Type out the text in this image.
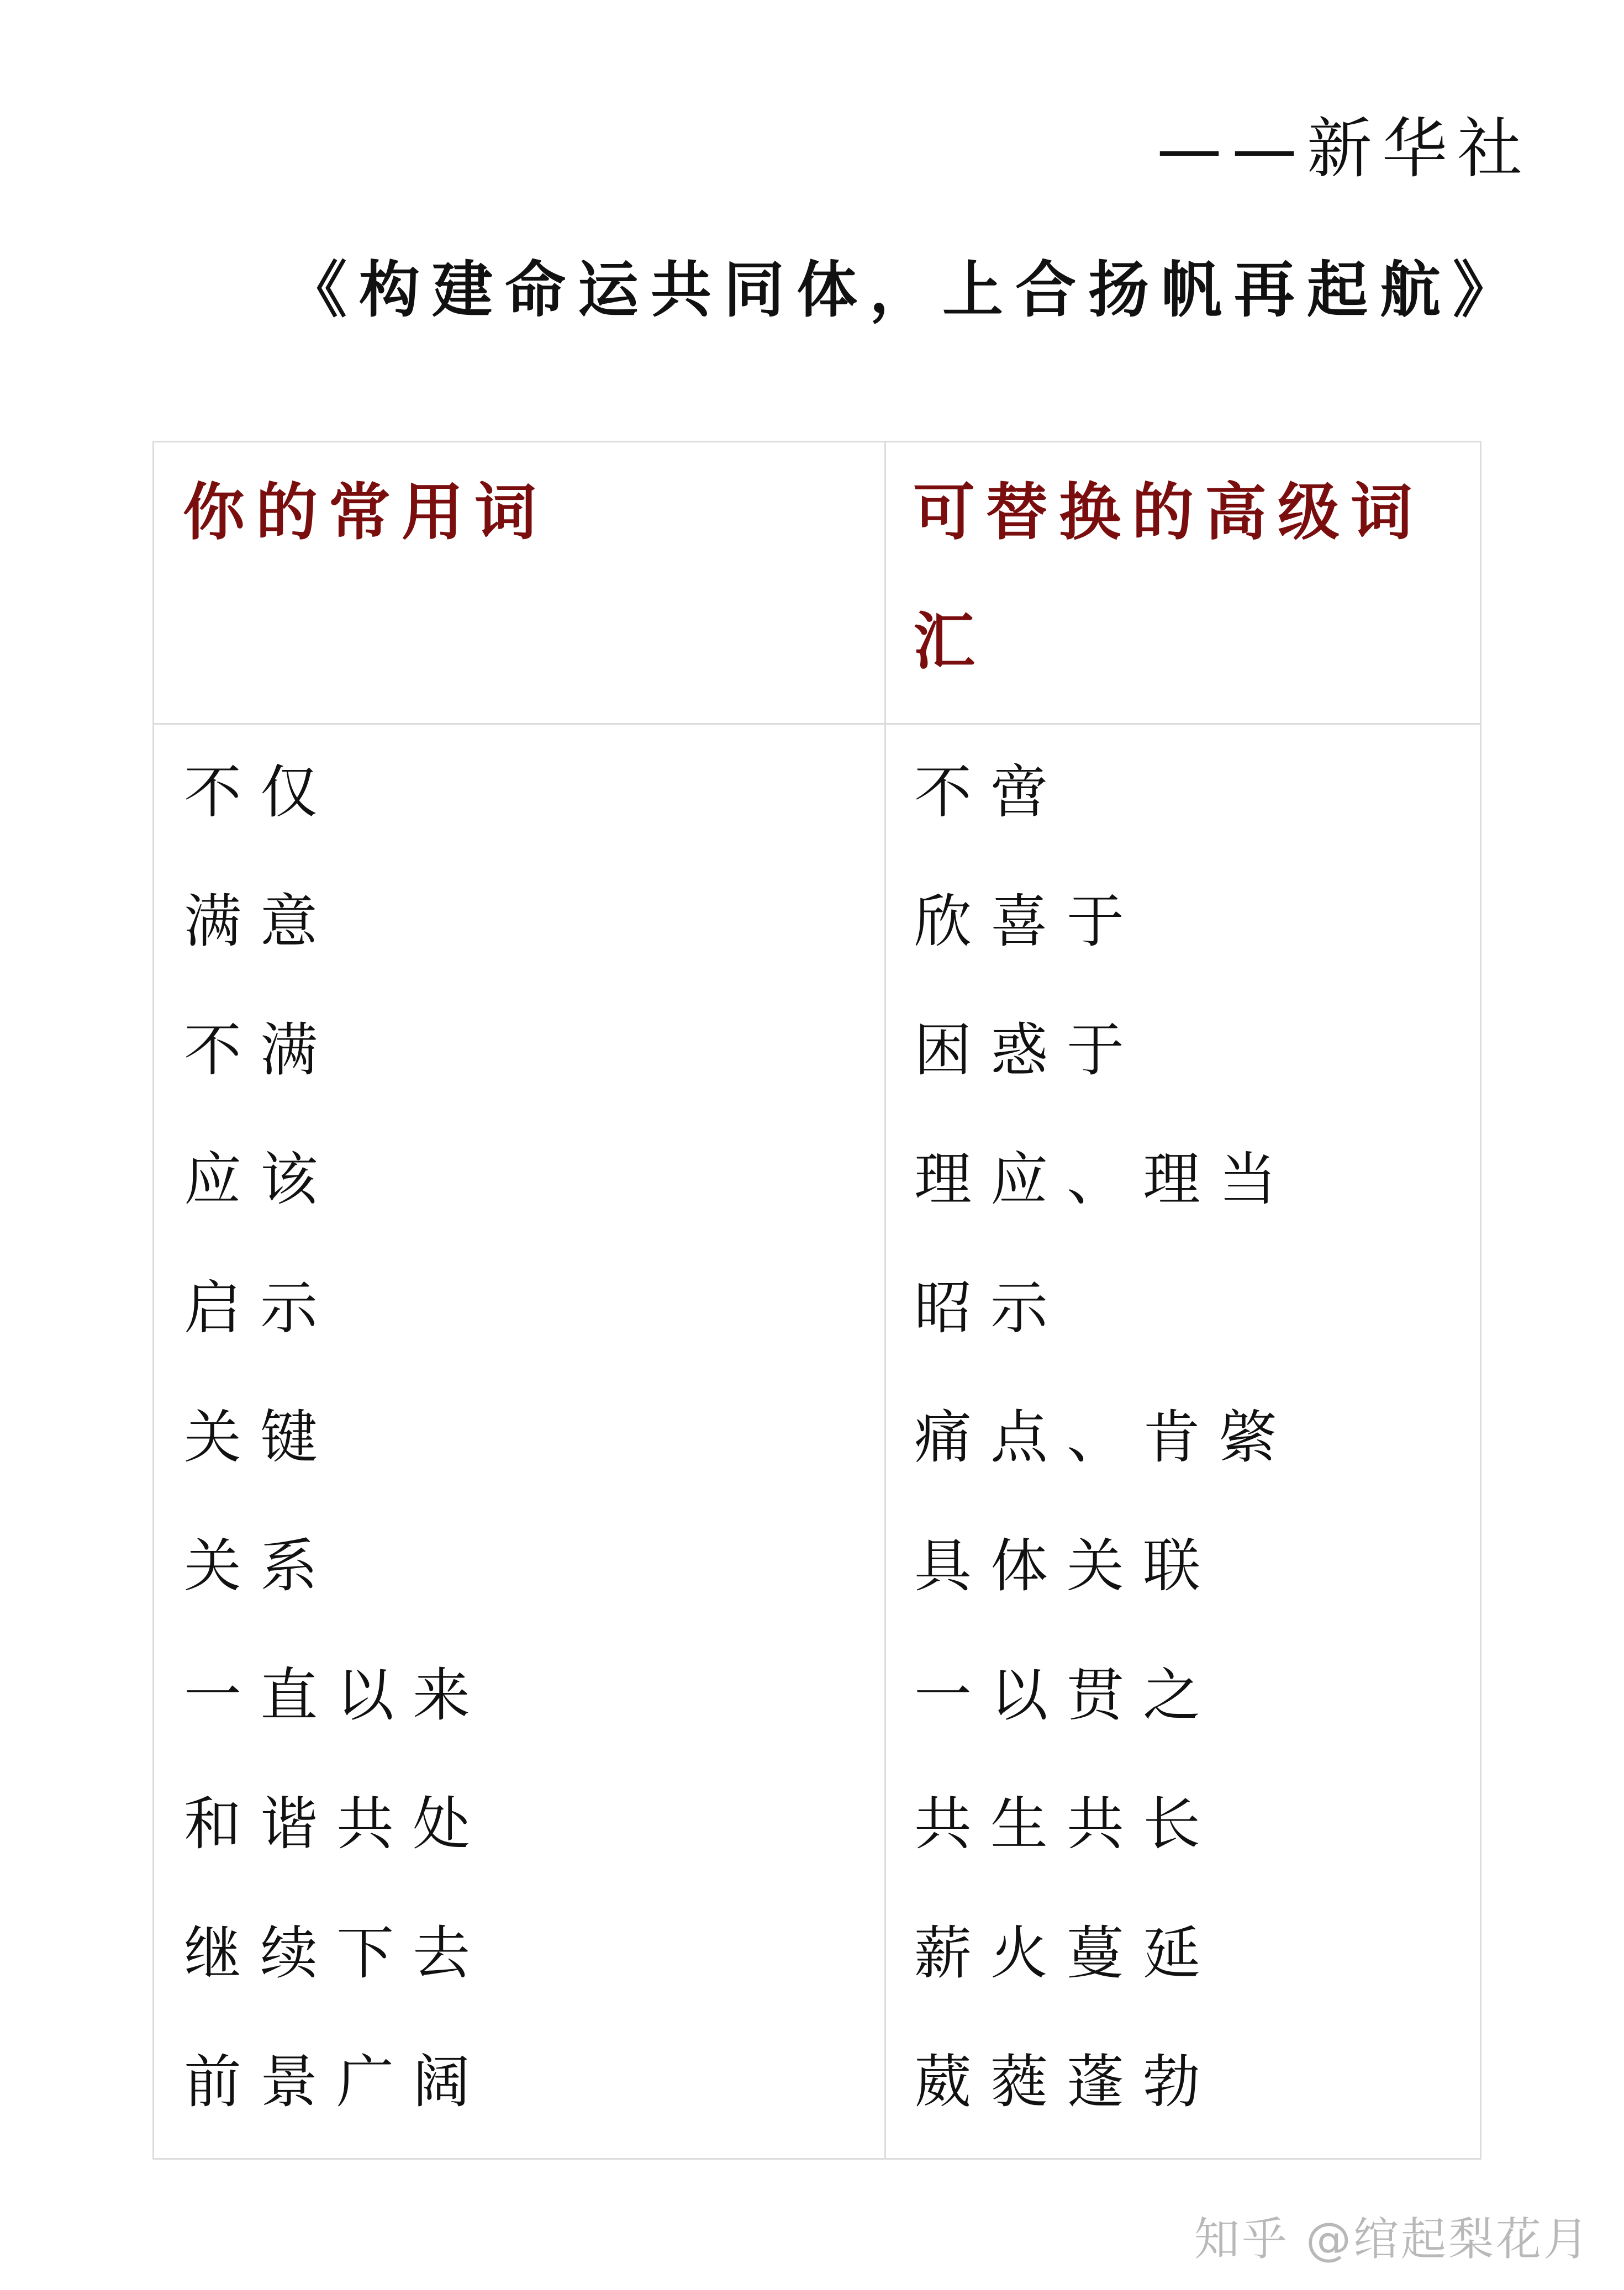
——新华社
《构建命运共同体，上合扬帆再起航》
你的常用词	可替换的高级词汇
不仅	不啻
满意	欣喜于
不满	困惑于
应该	理应、理当
启示	昭示
关键	痛点、肯綮
关系	具体关联
一直以来	一以贯之
和谐共处	共生共长
继续下去	薪火蔓延
前景广阔	葳蕤蓬勃
知乎 @绾起梨花月
